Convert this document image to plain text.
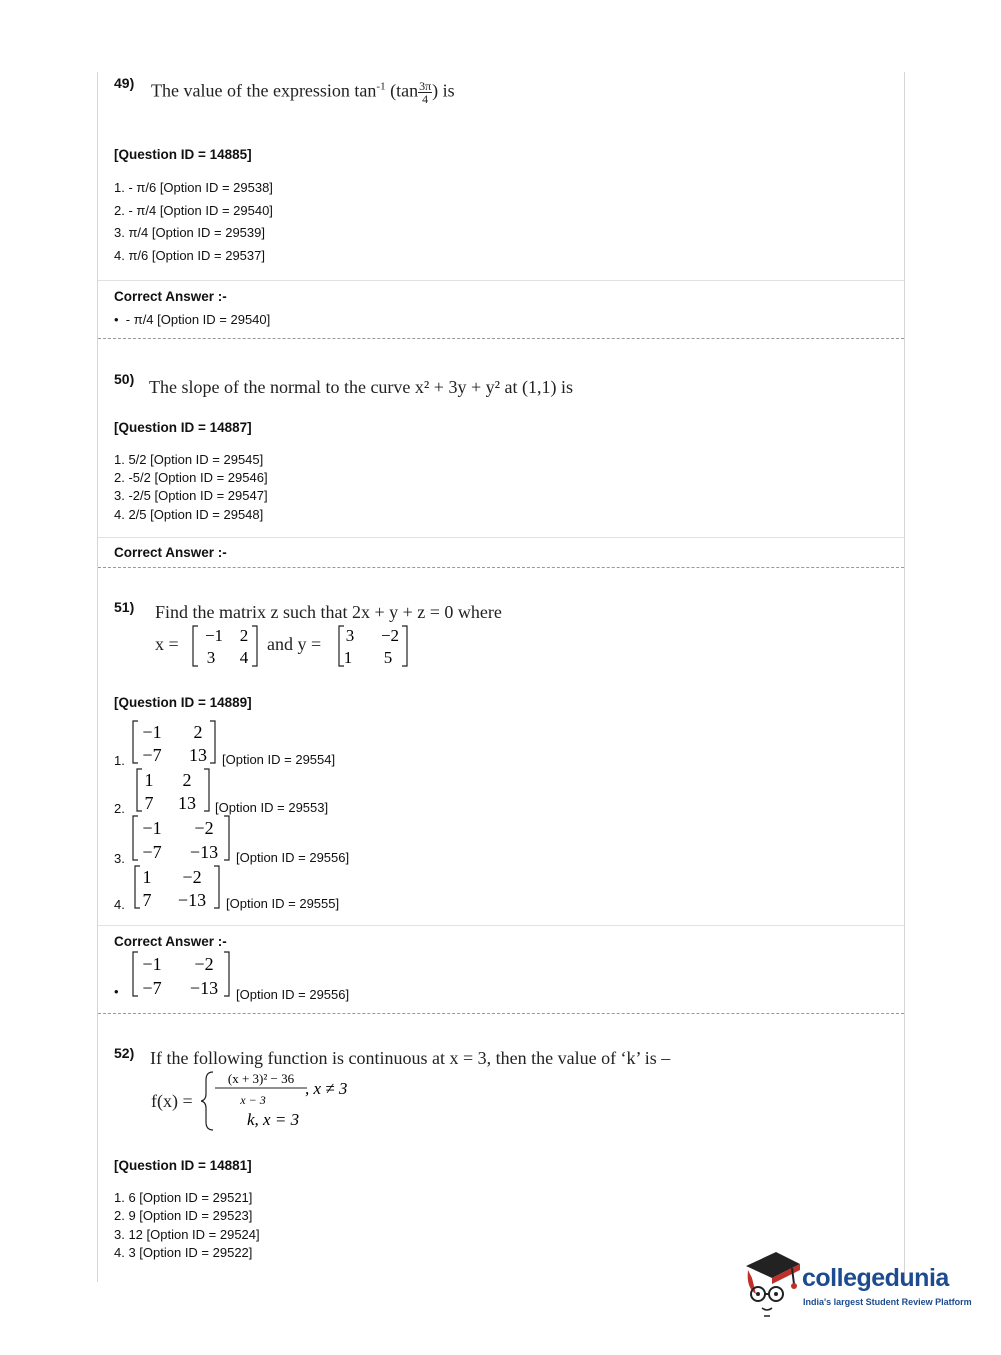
49) The value of the expression $\tan^{-1} (\tan \frac{3\pi}{4}$ ) is
[Question ID = 14885]
1. - π/6 [Option ID = 29538]
2. - π/4 [Option ID = 29540]
3. π/4 [Option ID = 29539]
4. π/6 [Option ID = 29537]
Correct Answer :-
•  - π/4 [Option ID = 29540]
50) The slope of the normal to the curve x² + 3y + y² at (1,1) is
[Question ID = 14887]
1. 5/2 [Option ID = 29545]
2. -5/2 [Option ID = 29546]
3. -2/5 [Option ID = 29547]
4. 2/5 [Option ID = 29548]
Correct Answer :-
51) Find the matrix z such that 2x + y + z = 0 where
x = −1 2
3 4
and y = 3 −2
1 5
[Question ID = 14889]
1.
−1 2
−7 13 [Option ID = 29554]
2.
1 2
7 13 [Option ID = 29553]
3.
−1 −2
−7 −13 [Option ID = 29556]
4.
1 −2
7 −13 [Option ID = 29555]
Correct Answer :-
•
−1 −2
−7 −13 [Option ID = 29556]
52) If the following function is continuous at x = 3, then the value of ‘k’ is –
f(x) =
(x + 3)² − 36
x − 3
, x ≠ 3
k, x = 3
[Question ID = 14881]
1. 6 [Option ID = 29521]
2. 9 [Option ID = 29523]
3. 12 [Option ID = 29524]
4. 3 [Option ID = 29522]
collegedunia
India's largest Student Review Platform
